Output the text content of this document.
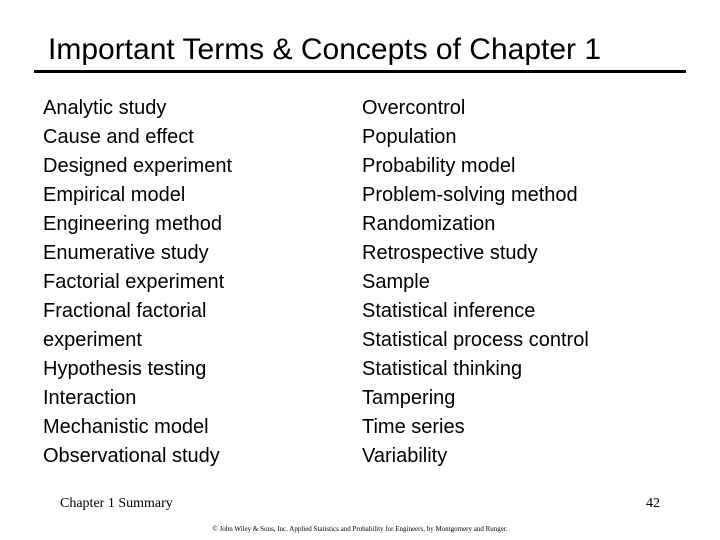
Important Terms & Concepts of Chapter 1
Analytic study
Cause and effect
Designed experiment
Empirical model
Engineering method
Enumerative study
Factorial experiment
Fractional factorial
experiment
Hypothesis testing
Interaction
Mechanistic model
Observational study
Overcontrol
Population
Probability model
Problem-solving method
Randomization
Retrospective study
Sample
Statistical inference
Statistical process control
Statistical thinking
Tampering
Time series
Variability
Chapter 1 Summary	42
© John Wiley & Sons, Inc. Applied Statistics and Probability for Engineers, by Montgomery and Runger.
